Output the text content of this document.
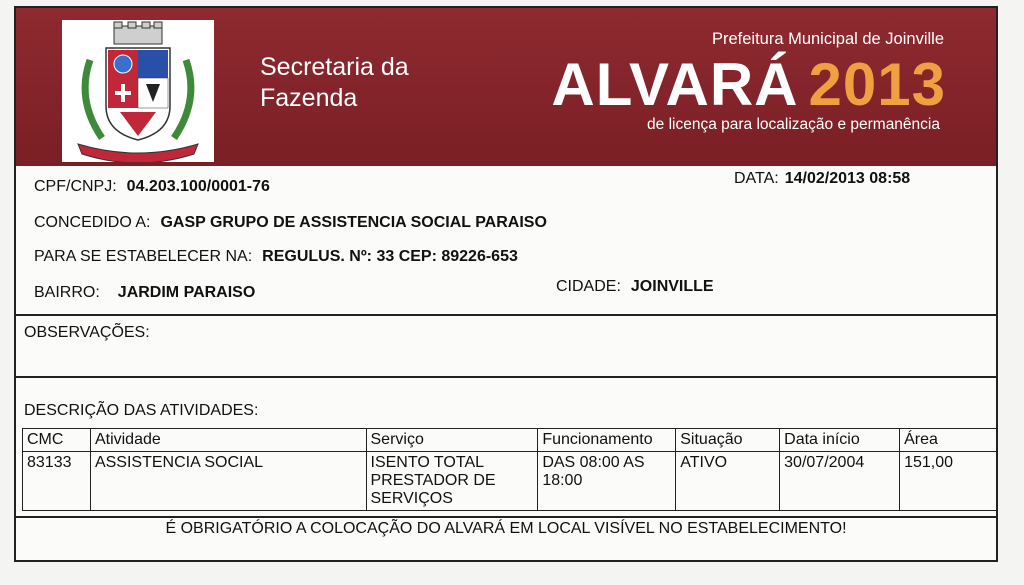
Secretaria da
Fazenda
Prefeitura Municipal de Joinville
ALVARÁ 2013
de licença para localização e permanência
CPF/CNPJ: 04.203.100/0001-76	DATA: 14/02/2013 08:58
CONCEDIDO A: GASP GRUPO DE ASSISTENCIA SOCIAL PARAISO
PARA SE ESTABELECER NA: REGULUS. Nº: 33 CEP: 89226-653
BAIRRO: JARDIM PARAISO	CIDADE: JOINVILLE
OBSERVAÇÕES:
DESCRIÇÃO DAS ATIVIDADES:
CMC	Atividade	Serviço	Funcionamento	Situação	Data início	Área
83133	ASSISTENCIA SOCIAL	ISENTO TOTAL PRESTADOR DE SERVIÇOS	DAS 08:00 AS 18:00	ATIVO	30/07/2004	151,00
É OBRIGATÓRIO A COLOCAÇÃO DO ALVARÁ EM LOCAL VISÍVEL NO ESTABELECIMENTO!
